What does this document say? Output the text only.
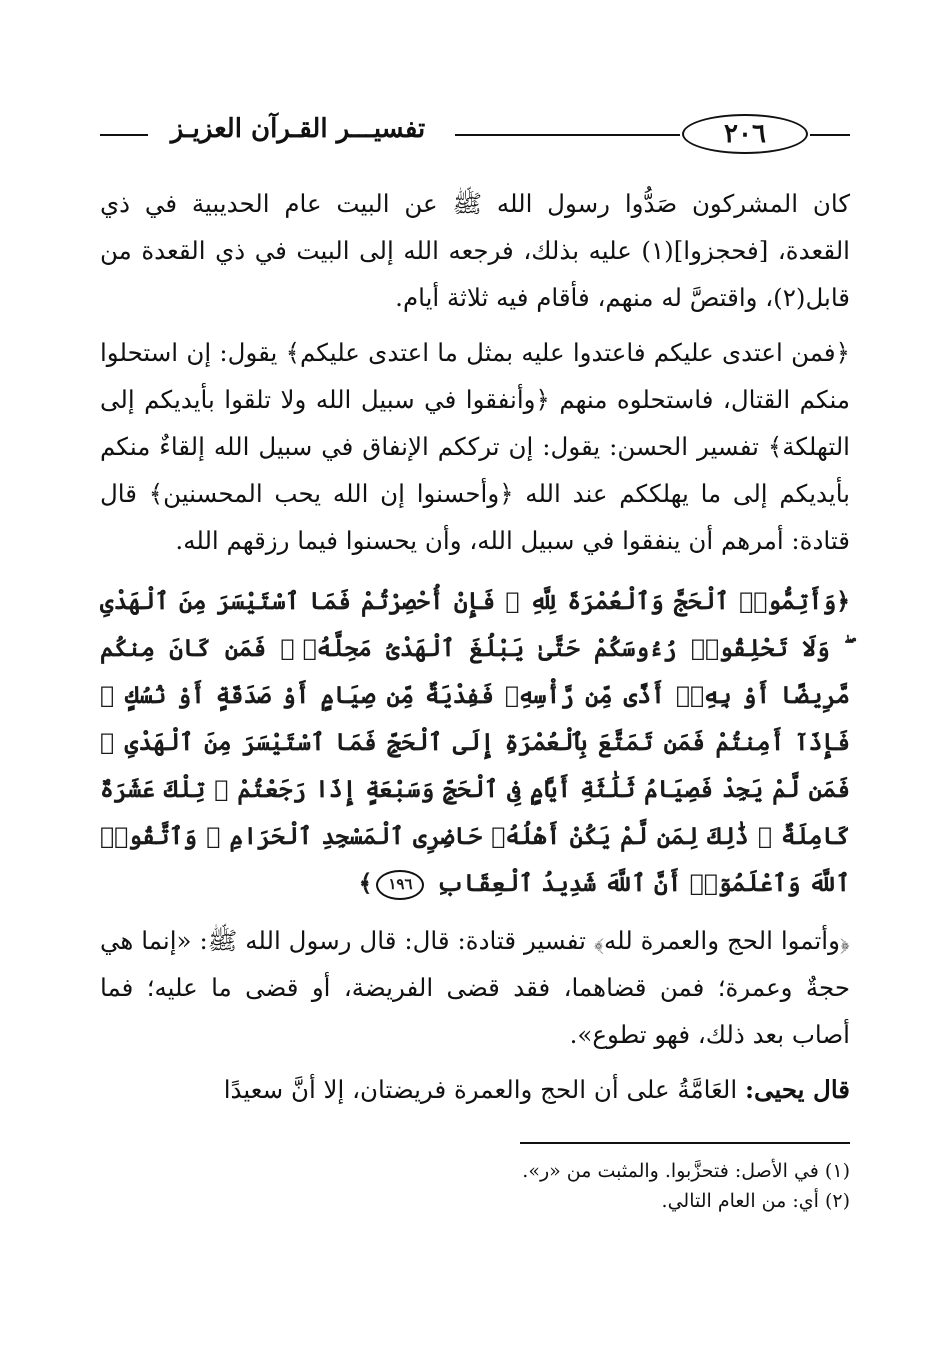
٢٠٦
تفسيـــر القـرآن العزيـز

كان المشركون صَدُّوا رسول الله ﷺ عن البيت عام الحديبية في ذي القعدة، [فحجزوا](١) عليه بذلك، فرجعه الله إلى البيت في ذي القعدة من قابل(٢)، واقتصَّ له منهم، فأقام فيه ثلاثة أيام.

﴿فمن اعتدى عليكم فاعتدوا عليه بمثل ما اعتدى عليكم﴾ يقول: إن استحلوا منكم القتال، فاستحلوه منهم ﴿وأنفقوا في سبيل الله ولا تلقوا بأيديكم إلى التهلكة﴾ تفسير الحسن: يقول: إن ترككم الإنفاق في سبيل الله إلقاءٌ منكم بأيديكم إلى ما يهلككم عند الله ﴿وأحسنوا إن الله يحب المحسنين﴾ قال قتادة: أمرهم أن ينفقوا في سبيل الله، وأن يحسنوا فيما رزقهم الله.

﴿وَأَتِمُّوا۟ ٱلْحَجَّ وَٱلْعُمْرَةَ لِلَّهِ ۚ فَإِنْ أُحْصِرْتُمْ فَمَا ٱسْتَيْسَرَ مِنَ ٱلْهَدْىِ ۖ وَلَا تَحْلِقُوا۟ رُءُوسَكُمْ حَتَّىٰ يَبْلُغَ ٱلْهَدْىُ مَحِلَّهُۥ ۚ فَمَن كَانَ مِنكُم مَّرِيضًا أَوْ بِهِۦٓ أَذًى مِّن رَّأْسِهِۦ فَفِدْيَةٌ مِّن صِيَامٍ أَوْ صَدَقَةٍ أَوْ نُسُكٍ ۚ فَإِذَآ أَمِنتُمْ فَمَن تَمَتَّعَ بِٱلْعُمْرَةِ إِلَى ٱلْحَجِّ فَمَا ٱسْتَيْسَرَ مِنَ ٱلْهَدْىِ ۚ فَمَن لَّمْ يَجِدْ فَصِيَامُ ثَلَٰثَةِ أَيَّامٍ فِى ٱلْحَجِّ وَسَبْعَةٍ إِذَا رَجَعْتُمْ ۗ تِلْكَ عَشَرَةٌ كَامِلَةٌ ۗ ذَٰلِكَ لِمَن لَّمْ يَكُنْ أَهْلُهُۥ حَاضِرِى ٱلْمَسْجِدِ ٱلْحَرَامِ ۚ وَٱتَّقُوا۟ ٱللَّهَ وَٱعْلَمُوٓا۟ أَنَّ ٱللَّهَ شَدِيدُ ٱلْعِقَابِ ١٩٦﴾

﴿وأتموا الحج والعمرة لله﴾ تفسير قتادة: قال: قال رسول الله ﷺ: «إنما هي حجةٌ وعمرة؛ فمن قضاهما، فقد قضى الفريضة، أو قضى ما عليه؛ فما أصاب بعد ذلك، فهو تطوع».

قال يحيى: العَامَّةُ على أن الحج والعمرة فريضتان، إلا أنَّ سعيدًا

(١) في الأصل: فتحزَّبوا. والمثبت من «ر».
(٢) أي: من العام التالي.
